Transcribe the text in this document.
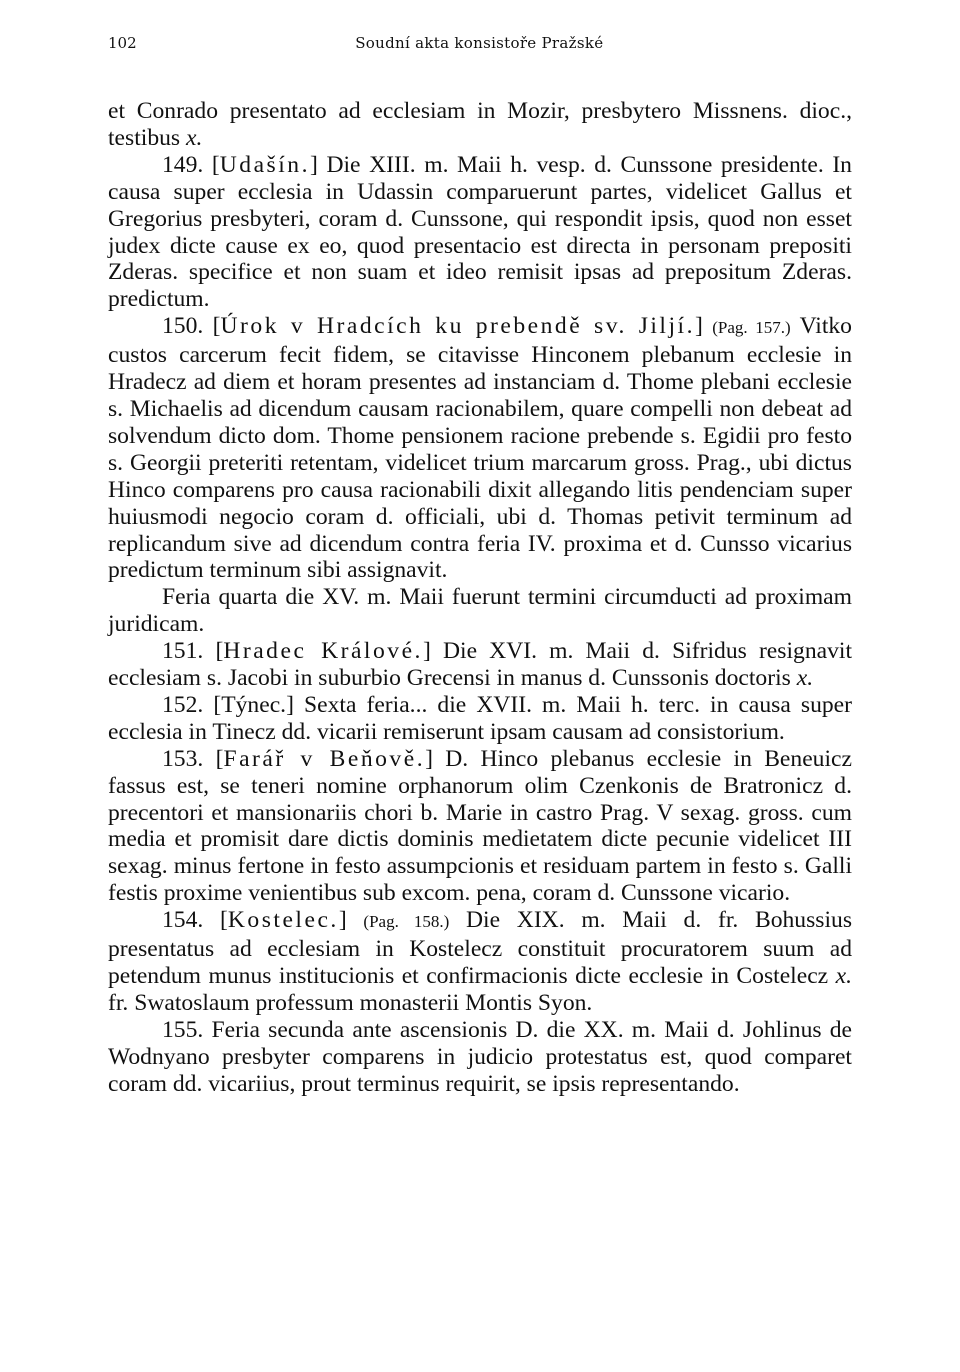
102	Soudní akta konsistoře Pražské

et Conrado presentato ad ecclesiam in Mozir, presbytero Missnens. dioc., testibus x.

149. [Udašín.] Die XIII. m. Maii h. vesp. d. Cunssone presidente. In causa super ecclesia in Udassin comparuerunt partes, videlicet Gallus et Gregorius presbyteri, coram d. Cunssone, qui respondit ipsis, quod non esset judex dicte cause ex eo, quod presentacio est directa in personam prepositi Zderas. specifice et non suam et ideo remisit ipsas ad prepositum Zderas. predictum.

150. [Úrok v Hradcích ku prebendě sv. Jiljí.] (Pag. 157.) Vitko custos carcerum fecit fidem, se citavisse Hinconem plebanum ecclesie in Hradecz ad diem et horam presentes ad instanciam d. Thome plebani ecclesie s. Michaelis ad dicendum causam racionabilem, quare compelli non debeat ad solvendum dicto dom. Thome pensionem racione prebende s. Egidii pro festo s. Georgii preteriti retentam, videlicet trium marcarum gross. Prag., ubi dictus Hinco comparens pro causa racionabili dixit allegando litis pendenciam super huiusmodi negocio coram d. officiali, ubi d. Thomas petivit terminum ad replicandum sive ad dicendum contra feria IV. proxima et d. Cunsso vicarius predictum terminum sibi assignavit.

Feria quarta die XV. m. Maii fuerunt termini circumducti ad proximam juridicam.

151. [Hradec Králové.] Die XVI. m. Maii d. Sifridus resignavit ecclesiam s. Jacobi in suburbio Grecensi in manus d. Cunssonis doctoris x.

152. [Týnec.] Sexta feria... die XVII. m. Maii h. terc. in causa super ecclesia in Tinecz dd. vicarii remiserunt ipsam causam ad consistorium.

153. [Farář v Beňově.] D. Hinco plebanus ecclesie in Beneuicz fassus est, se teneri nomine orphanorum olim Czenkonis de Bratronicz d. precentori et mansionariis chori b. Marie in castro Prag. V sexag. gross. cum media et promisit dare dictis dominis medietatem dicte pecunie videlicet III sexag. minus fertone in festo assumpcionis et residuam partem in festo s. Galli festis proxime venientibus sub excom. pena, coram d. Cunssone vicario.

154. [Kostelec.] (Pag. 158.) Die XIX. m. Maii d. fr. Bohussius presentatus ad ecclesiam in Kostelecz constituit procuratorem suum ad petendum munus institucionis et confirmacionis dicte ecclesie in Costelecz x. fr. Swatoslaum professum monasterii Montis Syon.

155. Feria secunda ante ascensionis D. die XX. m. Maii d. Johlinus de Wodnyano presbyter comparens in judicio protestatus est, quod comparet coram dd. vicariius, prout terminus requirit, se ipsis representando.
